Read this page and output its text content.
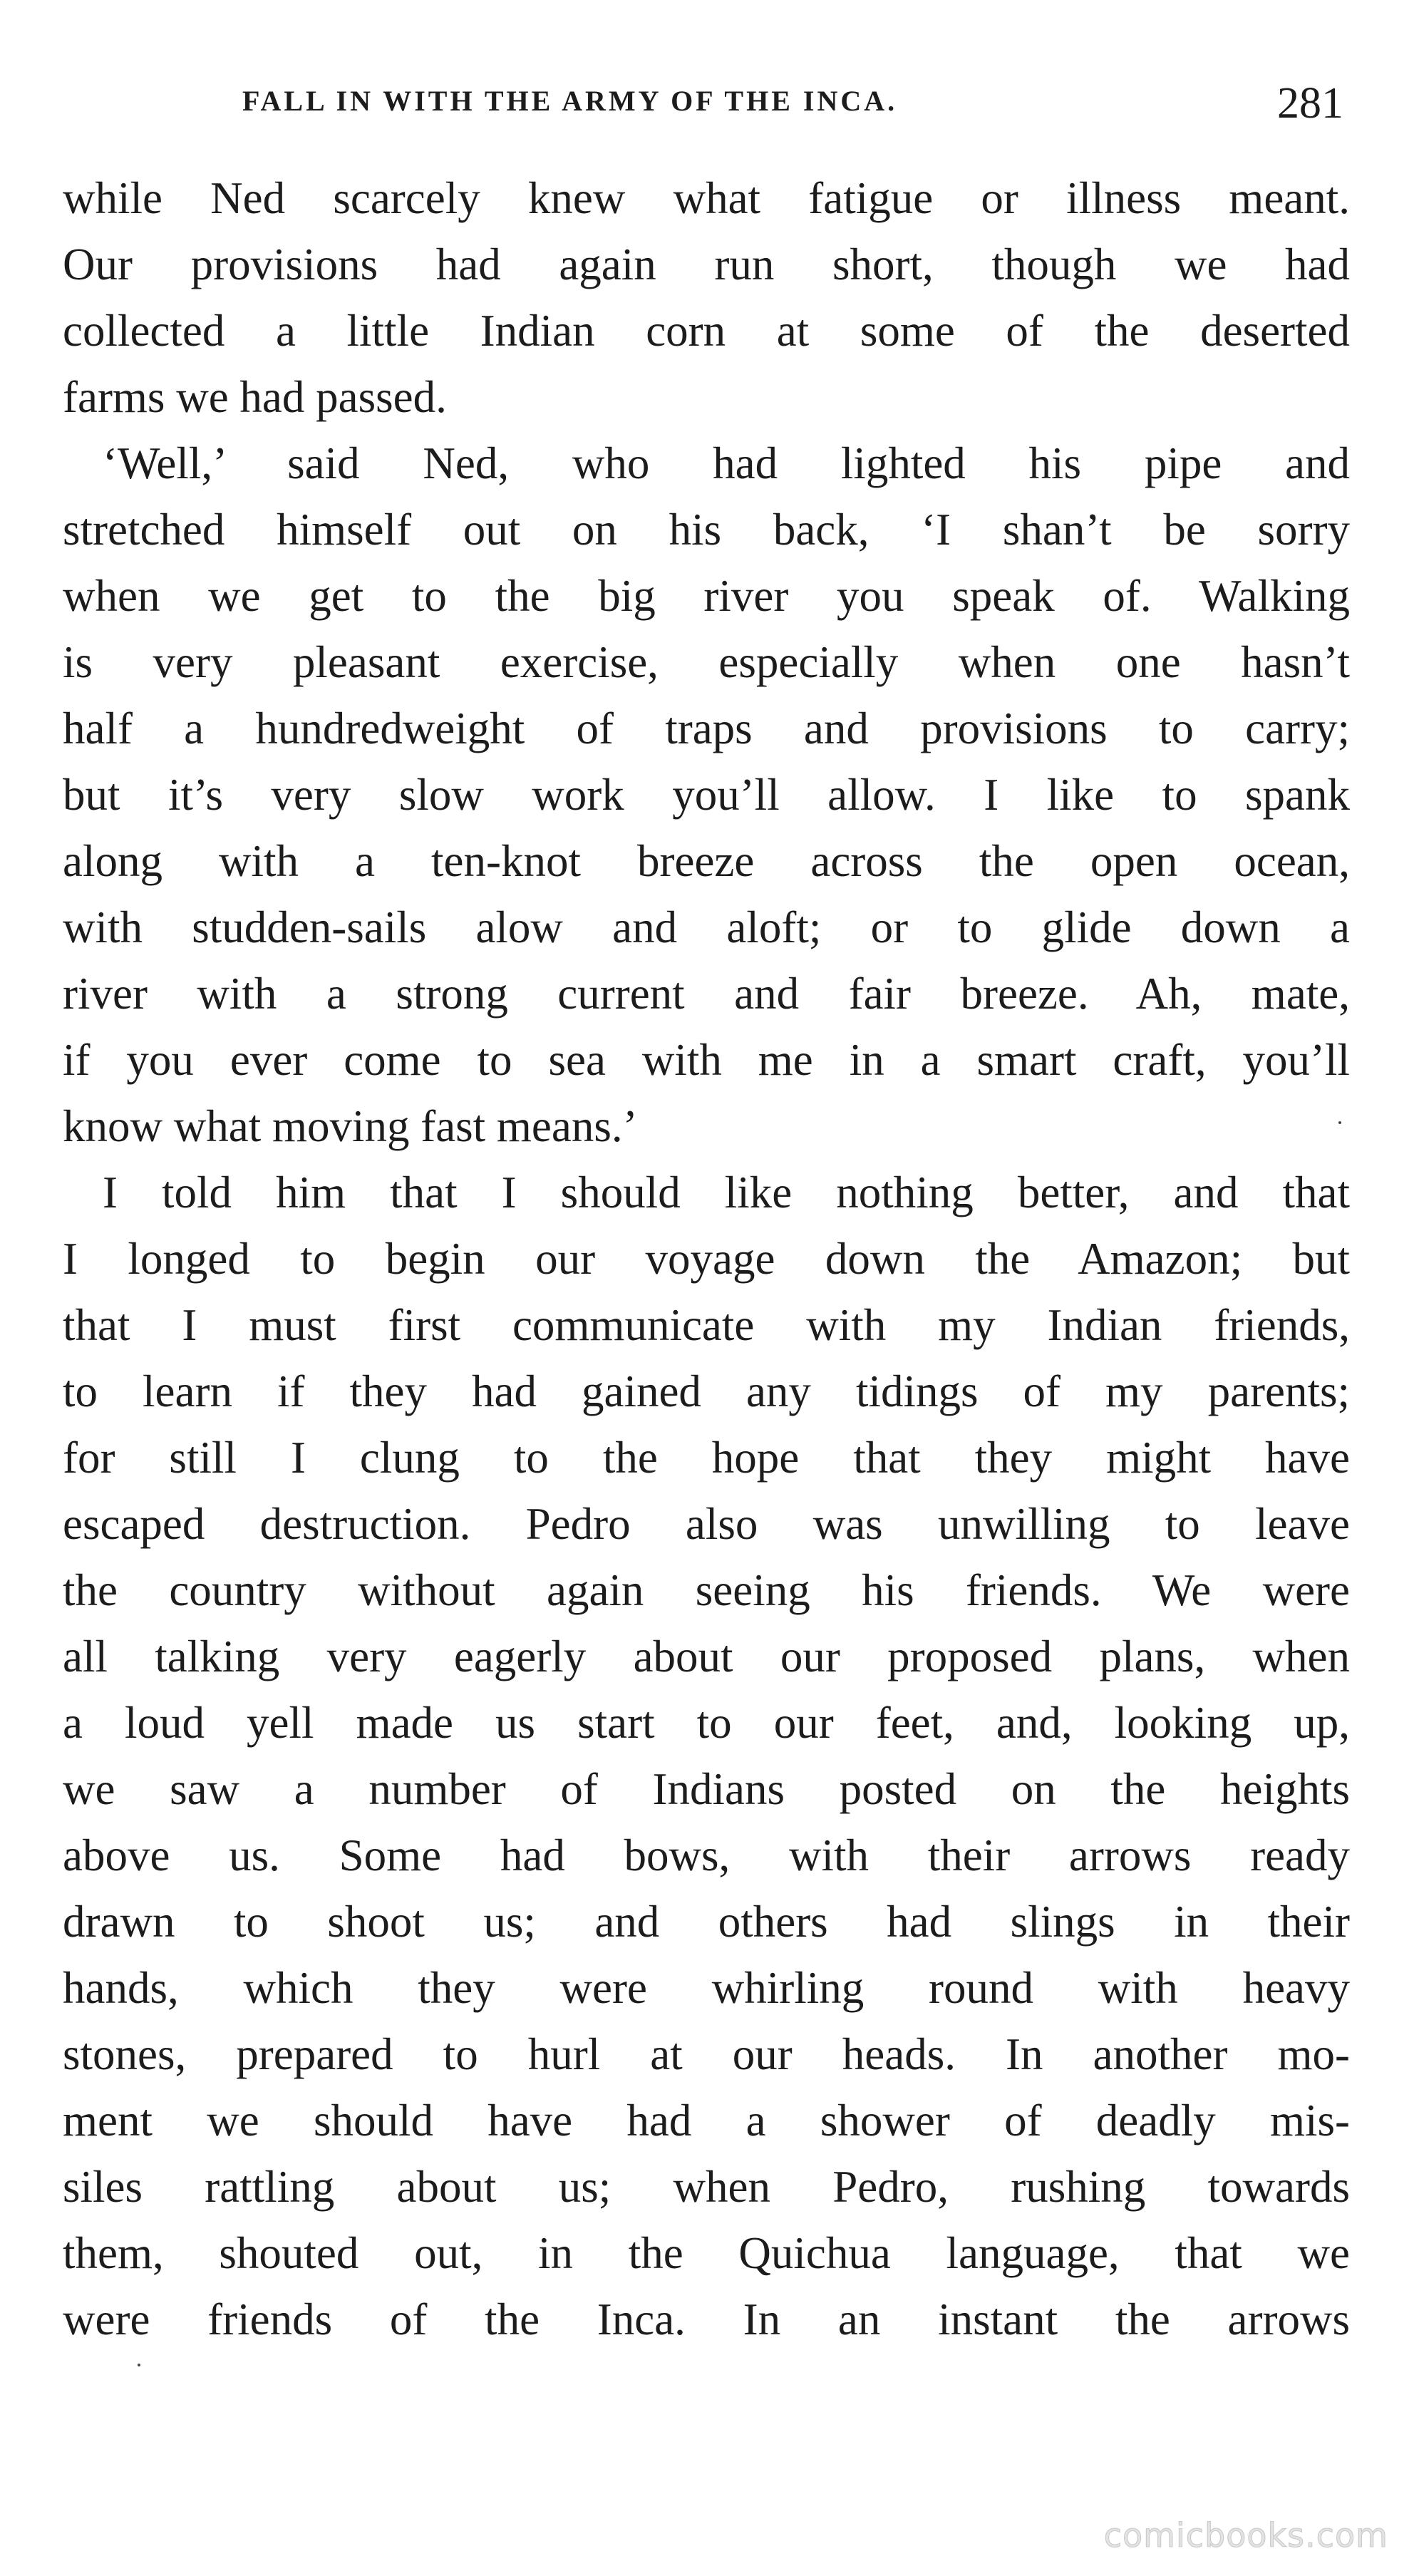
FALL IN WITH THE ARMY OF THE INCA.	281
while Ned scarcely knew what fatigue or illness meant.
Our provisions had again run short, though we had
collected a little Indian corn at some of the deserted
farms we had passed.
‘Well,’ said Ned, who had lighted his pipe and
stretched himself out on his back, ‘I shan’t be sorry
when we get to the big river you speak of. Walking
is very pleasant exercise, especially when one hasn’t
half a hundredweight of traps and provisions to carry;
but it’s very slow work you’ll allow. I like to spank
along with a ten-knot breeze across the open ocean,
with studden-sails alow and aloft; or to glide down a
river with a strong current and fair breeze. Ah, mate,
if you ever come to sea with me in a smart craft, you’ll
know what moving fast means.’
I told him that I should like nothing better, and that
I longed to begin our voyage down the Amazon; but
that I must first communicate with my Indian friends,
to learn if they had gained any tidings of my parents;
for still I clung to the hope that they might have
escaped destruction. Pedro also was unwilling to leave
the country without again seeing his friends. We were
all talking very eagerly about our proposed plans, when
a loud yell made us start to our feet, and, looking up,
we saw a number of Indians posted on the heights
above us. Some had bows, with their arrows ready
drawn to shoot us; and others had slings in their
hands, which they were whirling round with heavy
stones, prepared to hurl at our heads. In another mo-
ment we should have had a shower of deadly mis-
siles rattling about us; when Pedro, rushing towards
them, shouted out, in the Quichua language, that we
were friends of the Inca. In an instant the arrows
comicbooks.com
